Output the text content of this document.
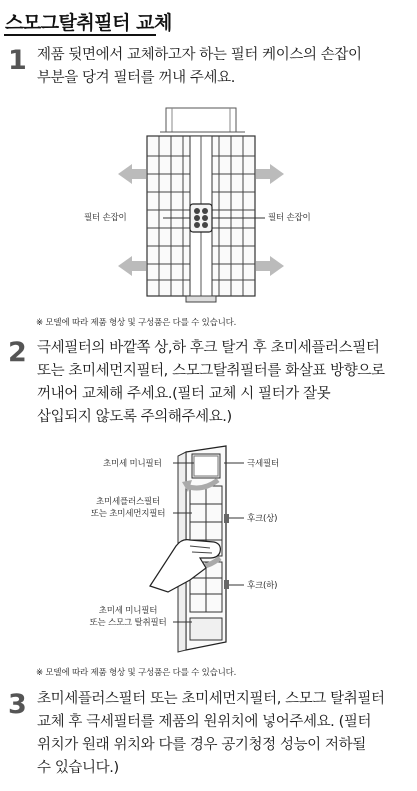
스모그탈취필터 교체
1 제품 뒷면에서 교체하고자 하는 필터 케이스의 손잡이
부분을 당겨 필터를 꺼내 주세요.
필터 손잡이	필터 손잡이
※ 모델에 따라 제품 형상 및 구성품은 다를 수 있습니다.
2 극세필터의 바깥쪽 상,하 후크 탈거 후 초미세플러스필터
또는 초미세먼지필터, 스모그탈취필터를 화살표 방향으로
꺼내어 교체해 주세요.(필터 교체 시 필터가 잘못
삽입되지 않도록 주의해주세요.)
초미세 미니필터
초미세플러스필터
또는 초미세먼지필터
초미세 미니필터
또는 스모그 탈취필터
극세필터
후크(상)
후크(하)
※ 모델에 따라 제품 형상 및 구성품은 다를 수 있습니다.
3 초미세플러스필터 또는 초미세먼지필터, 스모그 탈취필터
교체 후 극세필터를 제품의 원위치에 넣어주세요. (필터
위치가 원래 위치와 다를 경우 공기청정 성능이 저하될
수 있습니다.)
